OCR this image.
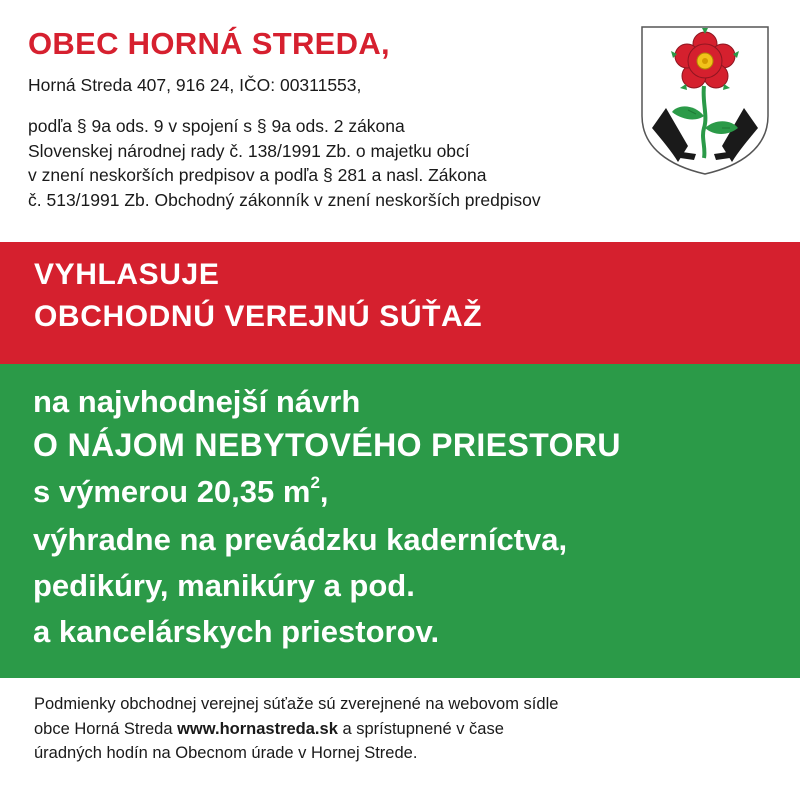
OBEC HORNÁ STREDA,
Horná Streda 407, 916 24, IČO: 00311553,
podľa § 9a ods. 9 v spojení s § 9a ods. 2 zákona
Slovenskej národnej rady č. 138/1991 Zb. o majetku obcí
v znení neskorších predpisov a podľa § 281 a nasl. Zákona
č. 513/1991 Zb. Obchodný zákonník v znení neskorších predpisov
VYHLASUJE
OBCHODNÚ VEREJNÚ SÚŤAŽ
na najvhodnejší návrh
O NÁJOM NEBYTOVÉHO PRIESTORU
s výmerou 20,35 $m^2$,
výhradne na prevádzku kaderníctva,
pedikúry, manikúry a pod.
a kancelárskych priestorov.
Podmienky obchodnej verejnej súťaže sú zverejnené na webovom sídle
obce Horná Streda www.hornastreda.sk a sprístupnené v čase
úradných hodín na Obecnom úrade v Hornej Strede.
